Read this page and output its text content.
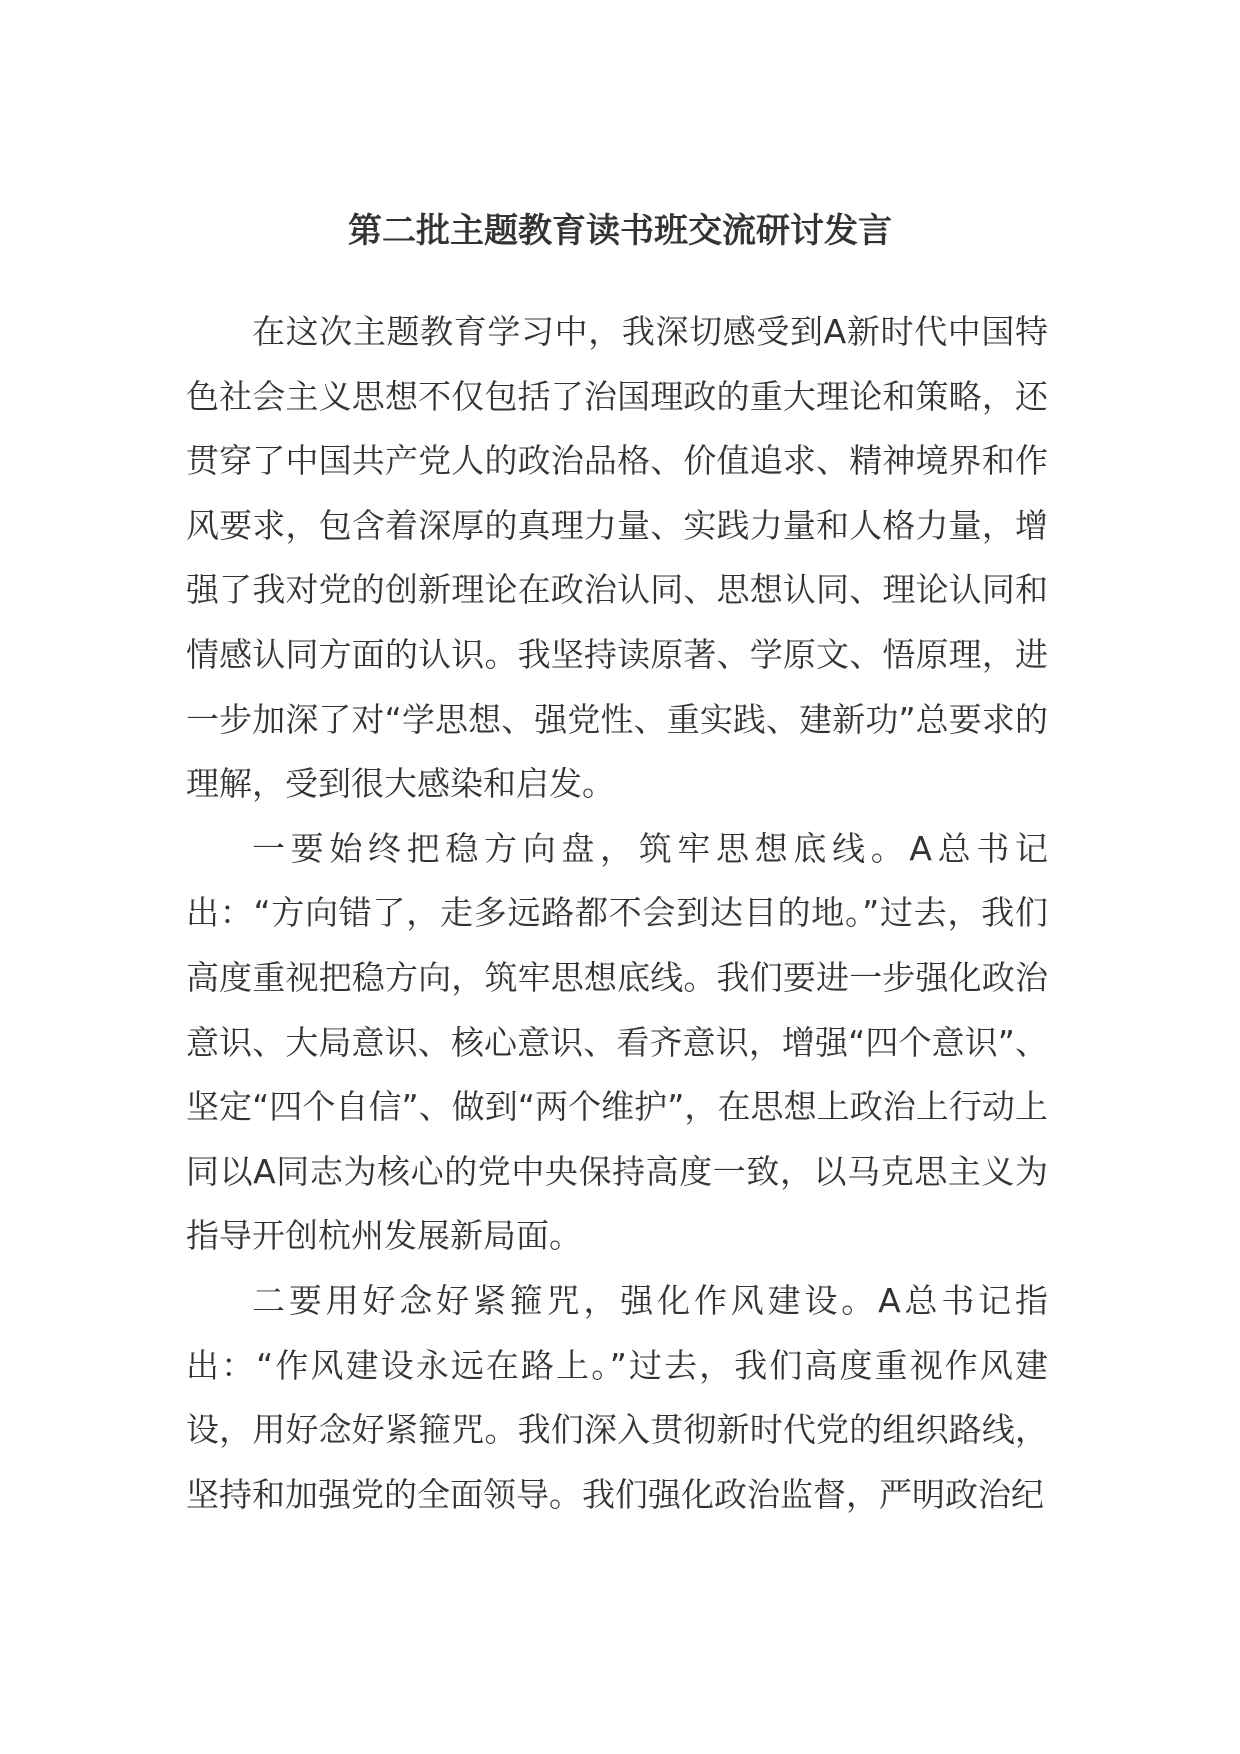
第二批主题教育读书班交流研讨发言

在这次主题教育学习中，我深切感受到A新时代中国特色社会主义思想不仅包括了治国理政的重大理论和策略，还贯穿了中国共产党人的政治品格、价值追求、精神境界和作风要求，包含着深厚的真理力量、实践力量和人格力量，增强了我对党的创新理论在政治认同、思想认同、理论认同和情感认同方面的认识。我坚持读原著、学原文、悟原理，进一步加深了对“学思想、强党性、重实践、建新功”总要求的理解，受到很大感染和启发。

一要始终把稳方向盘，筑牢思想底线。A总书记出：“方向错了，走多远路都不会到达目的地。”过去，我们高度重视把稳方向，筑牢思想底线。我们要进一步强化政治意识、大局意识、核心意识、看齐意识，增强“四个意识”、坚定“四个自信”、做到“两个维护”，在思想上政治上行动上同以A同志为核心的党中央保持高度一致，以马克思主义为指导开创杭州发展新局面。

二要用好念好紧箍咒，强化作风建设。A总书记指出：“作风建设永远在路上。”过去，我们高度重视作风建设，用好念好紧箍咒。我们深入贯彻新时代党的组织路线，坚持和加强党的全面领导。我们强化政治监督，严明政治纪
